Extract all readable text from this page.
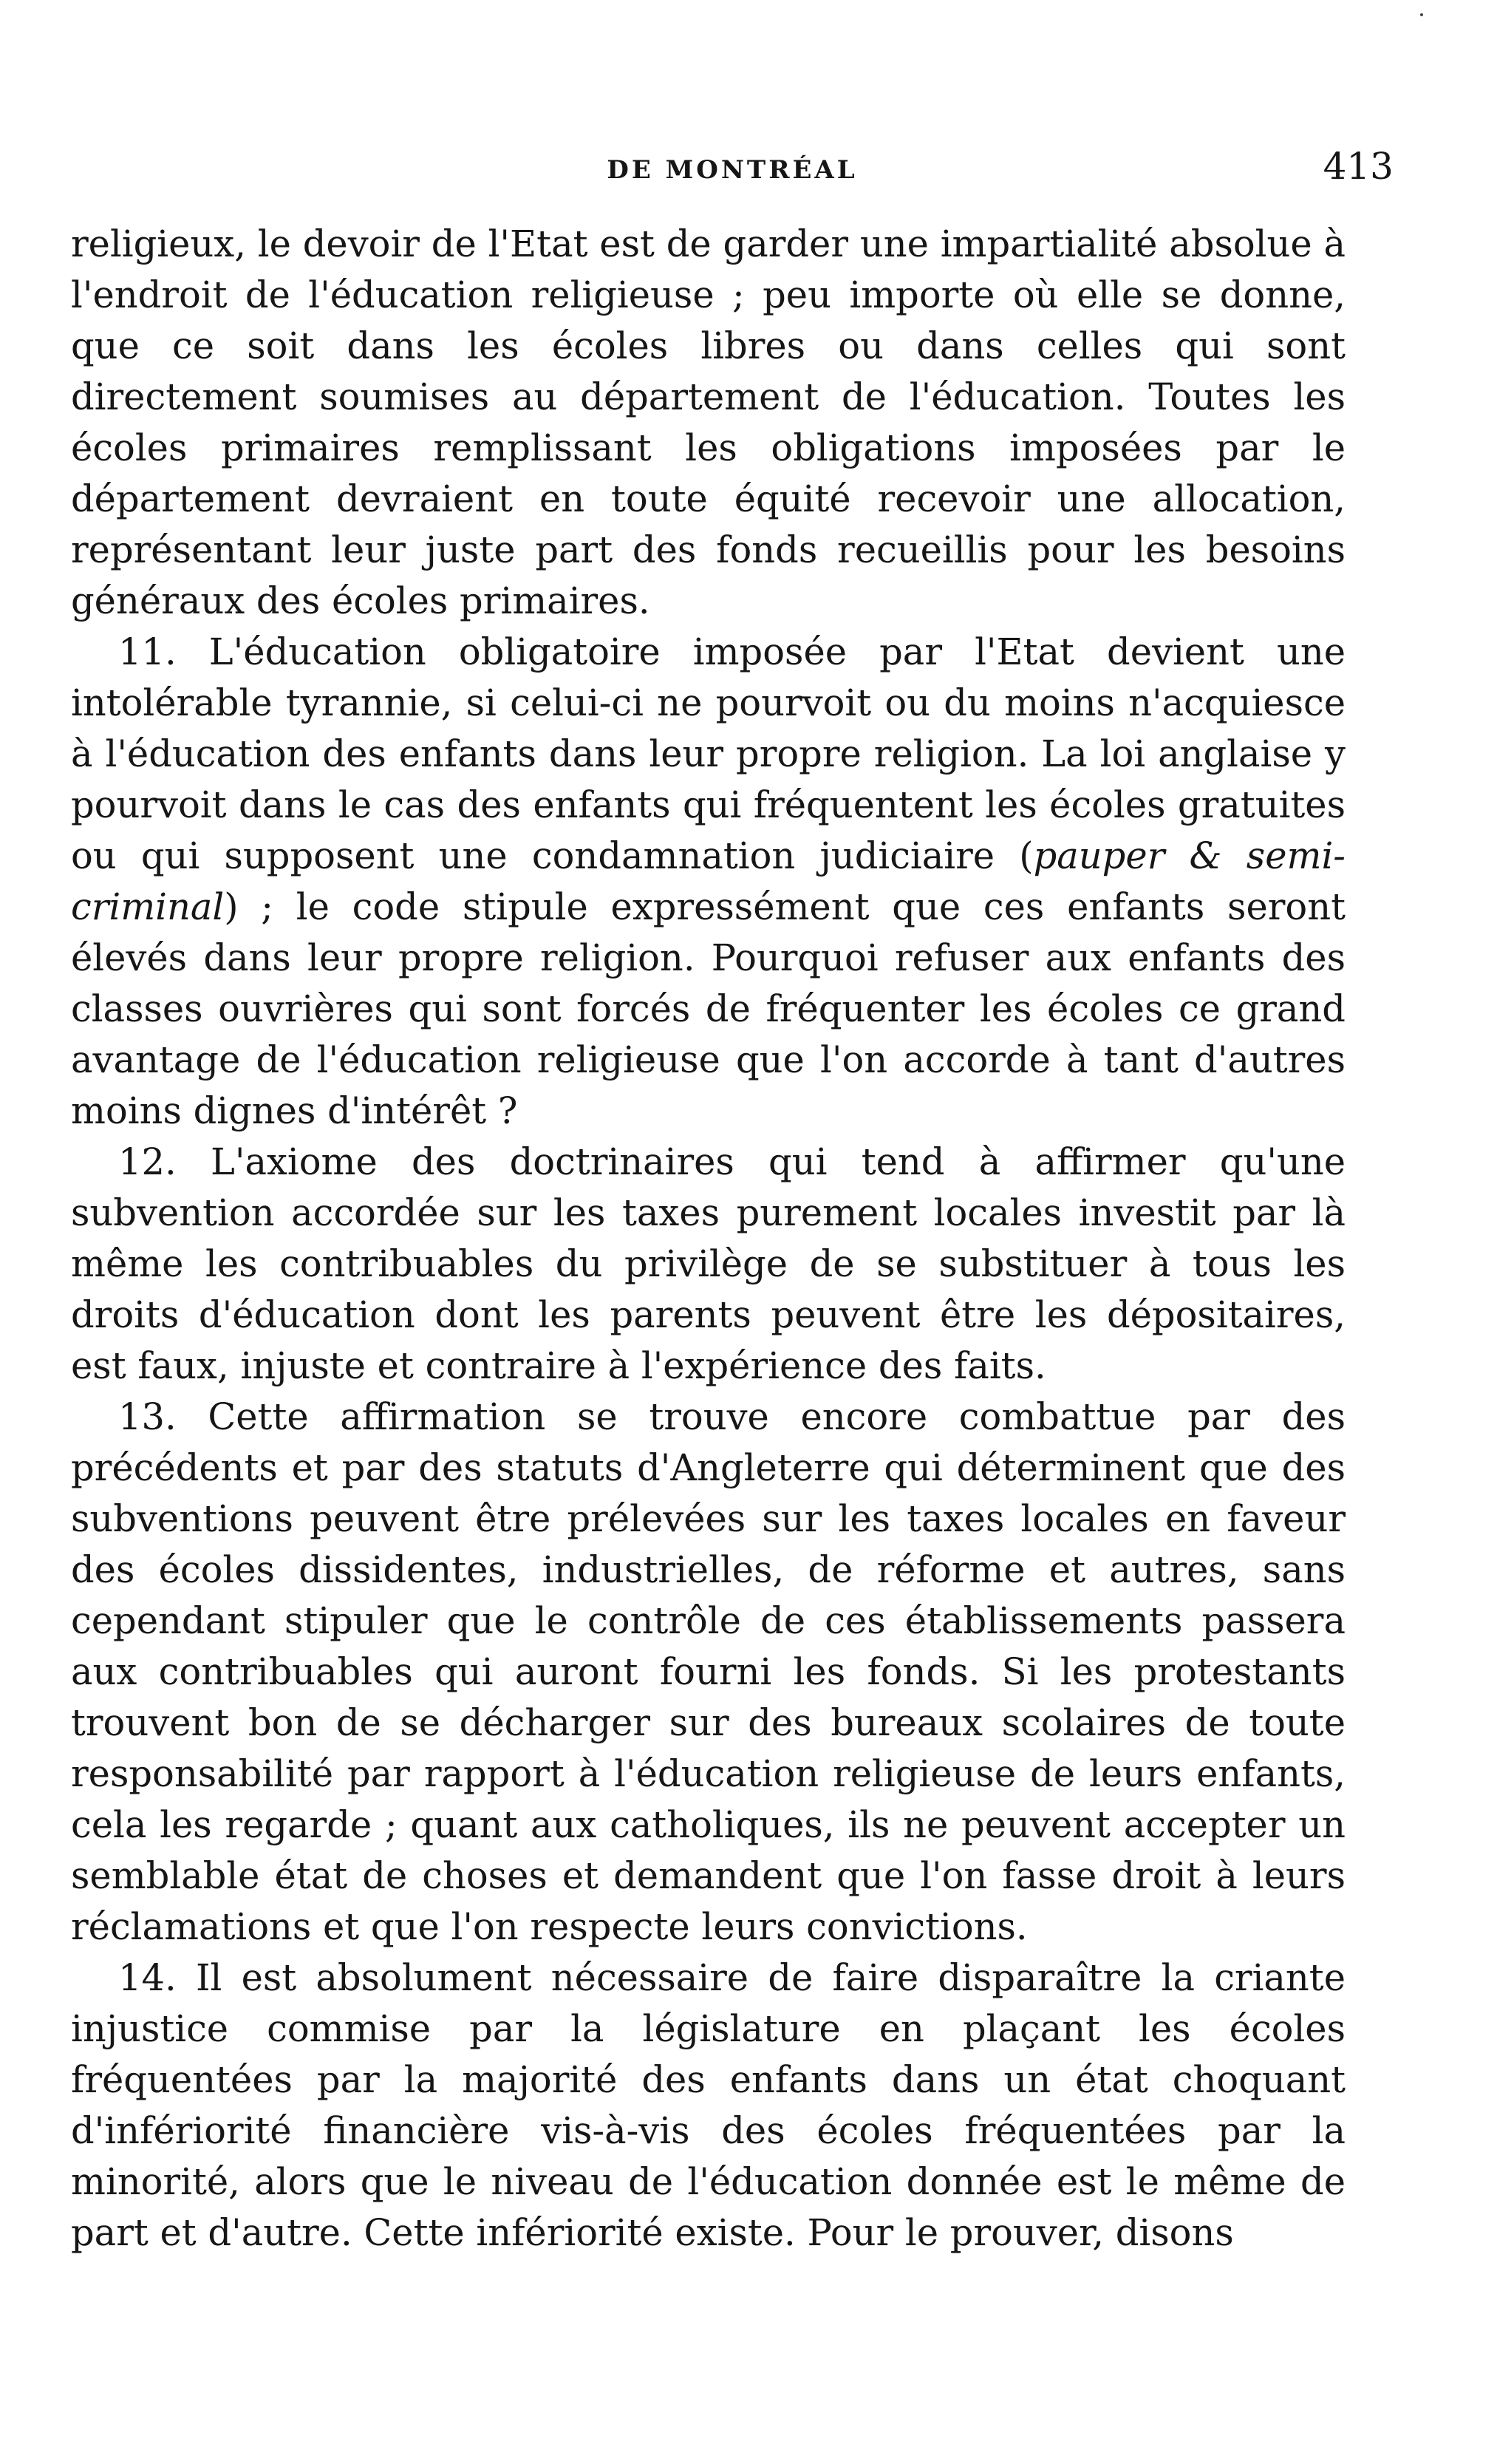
DE MONTRÉAL	413

religieux, le devoir de l'Etat est de garder une impartialité absolue à l'endroit de l'éducation religieuse ; peu importe où elle se donne, que ce soit dans les écoles libres ou dans celles qui sont directement soumises au département de l'éducation. Toutes les écoles primaires remplissant les obligations imposées par le département devraient en toute équité recevoir une allocation, représentant leur juste part des fonds recueillis pour les besoins généraux des écoles primaires.

11. L'éducation obligatoire imposée par l'Etat devient une intolérable tyrannie, si celui-ci ne pourvoit ou du moins n'acquiesce à l'éducation des enfants dans leur propre religion. La loi anglaise y pourvoit dans le cas des enfants qui fréquentent les écoles gratuites ou qui supposent une condamnation judiciaire (pauper & semi-criminal) ; le code stipule expressément que ces enfants seront élevés dans leur propre religion. Pourquoi refuser aux enfants des classes ouvrières qui sont forcés de fréquenter les écoles ce grand avantage de l'éducation religieuse que l'on accorde à tant d'autres moins dignes d'intérêt ?

12. L'axiome des doctrinaires qui tend à affirmer qu'une subvention accordée sur les taxes purement locales investit par là même les contribuables du privilège de se substituer à tous les droits d'éducation dont les parents peuvent être les dépositaires, est faux, injuste et contraire à l'expérience des faits.

13. Cette affirmation se trouve encore combattue par des précédents et par des statuts d'Angleterre qui déterminent que des subventions peuvent être prélevées sur les taxes locales en faveur des écoles dissidentes, industrielles, de réforme et autres, sans cependant stipuler que le contrôle de ces établissements passera aux contribuables qui auront fourni les fonds. Si les protestants trouvent bon de se décharger sur des bureaux scolaires de toute responsabilité par rapport à l'éducation religieuse de leurs enfants, cela les regarde ; quant aux catholiques, ils ne peuvent accepter un semblable état de choses et demandent que l'on fasse droit à leurs réclamations et que l'on respecte leurs convictions.

14. Il est absolument nécessaire de faire disparaître la criante injustice commise par la législature en plaçant les écoles fréquentées par la majorité des enfants dans un état choquant d'infériorité financière vis-à-vis des écoles fréquentées par la minorité, alors que le niveau de l'éducation donnée est le même de part et d'autre. Cette infériorité existe. Pour le prouver, disons
